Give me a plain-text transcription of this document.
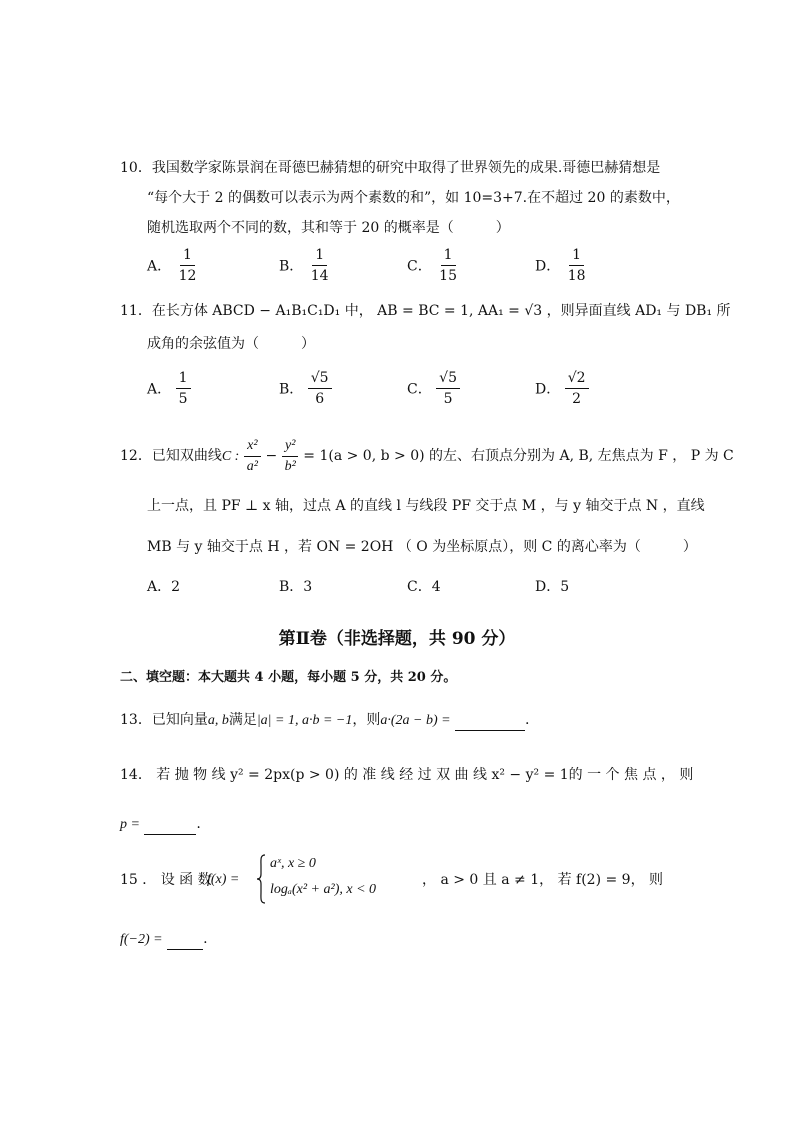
10．我国数学家陈景润在哥德巴赫猜想的研究中取得了世界领先的成果.哥德巴赫猜想是
“每个大于 2 的偶数可以表示为两个素数的和”，如 10=3+7.在不超过 20 的素数中，
随机选取两个不同的数，其和等于 20 的概率是（　　　）
A． $\frac{1}{12}$	B． $\frac{1}{14}$	C． $\frac{1}{15}$	D． $\frac{1}{18}$
11．在长方体 ABCD − A₁B₁C₁D₁ 中， AB = BC = 1, AA₁ = √3 ，则异面直线 AD₁ 与 DB₁ 所
成角的余弦值为（　　　）
A． $\frac{1}{5}$	B． $\frac{√5}{6}$	C． $\frac{√5}{5}$	D． $\frac{√2}{2}$
12．已知双曲线C : $\frac{\text{x²}}{\text{a²}} - \frac{\text{y²}}{\text{b²}} = 1(a > 0$, b > 0) 的左、右顶点分别为 A, B, 左焦点为 F ， P 为 C
上一点，且 PF ⊥ x 轴，过点 A 的直线 l 与线段 PF 交于点 M ，与 y 轴交于点 N ，直线
MB 与 y 轴交于点 H ，若 ON = 2OH （ O 为坐标原点），则 C 的离心率为（　　　）
A．2	B．3	C．4	D．5
第Ⅱ卷（非选择题，共 90 分）
二、填空题：本大题共 4 小题，每小题 5 分，共 20 分。
13．已知向量a, b满足|a| = 1, a·b = −1，则a·(2a − b) =	.
14． 若 抛 物 线 y² = 2px(p > 0) 的 准 线 经 过 双 曲 线 x² − y² = 1的 一 个 焦 点 ， 则
p =	.
15 ． 设 函 数
f(x) =
aˣ, x ≥ 0
logₐ(x² + a²), x < 0
， a > 0 且 a ≠ 1， 若 f(2) = 9， 则
f(−2) =	.
